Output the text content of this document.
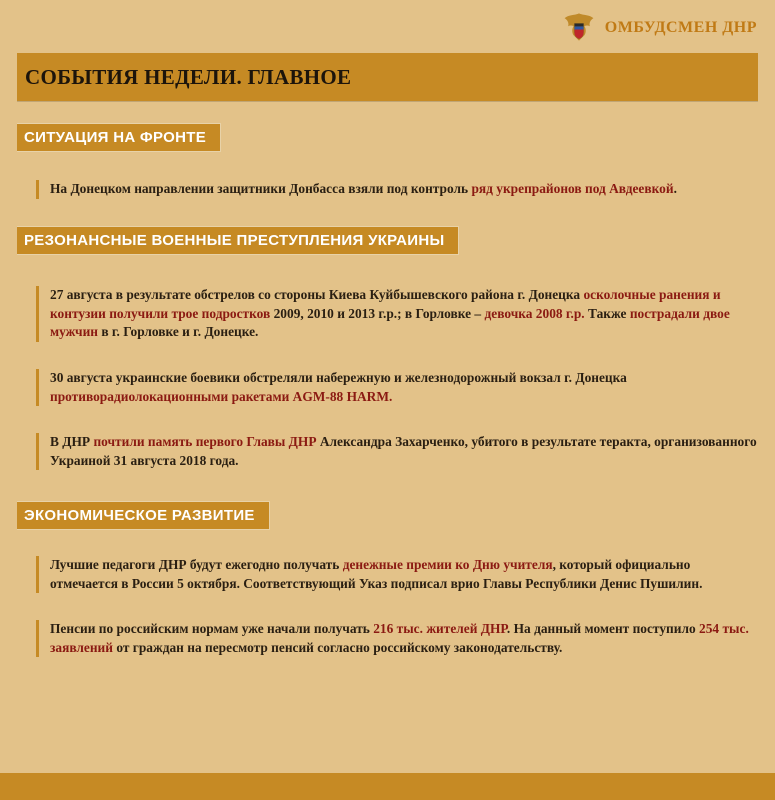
ОМБУДСМЕН ДНР
СОБЫТИЯ НЕДЕЛИ. ГЛАВНОЕ
СИТУАЦИЯ НА ФРОНТЕ
На Донецком направлении защитники Донбасса взяли под контроль ряд укрепрайонов под Авдеевкой.
РЕЗОНАНСНЫЕ ВОЕННЫЕ ПРЕСТУПЛЕНИЯ УКРАИНЫ
27 августа в результате обстрелов со стороны Киева Куйбышевского района г. Донецка осколочные ранения и контузии получили трое подростков 2009, 2010 и 2013 г.р.; в Горловке – девочка 2008 г.р. Также пострадали двое мужчин в г. Горловке и г. Донецке.
30 августа украинские боевики обстреляли набережную и железнодорожный вокзал г. Донецка противорадиолокационными ракетами AGM-88 HARM.
В ДНР почтили память первого Главы ДНР Александра Захарченко, убитого в результате теракта, организованного Украиной 31 августа 2018 года.
ЭКОНОМИЧЕСКОЕ РАЗВИТИЕ
Лучшие педагоги ДНР будут ежегодно получать денежные премии ко Дню учителя, который официально отмечается в России 5 октября. Соответствующий Указ подписал врио Главы Республики Денис Пушилин.
Пенсии по российским нормам уже начали получать 216 тыс. жителей ДНР. На данный момент поступило 254 тыс. заявлений от граждан на пересмотр пенсий согласно российскому законодательству.
